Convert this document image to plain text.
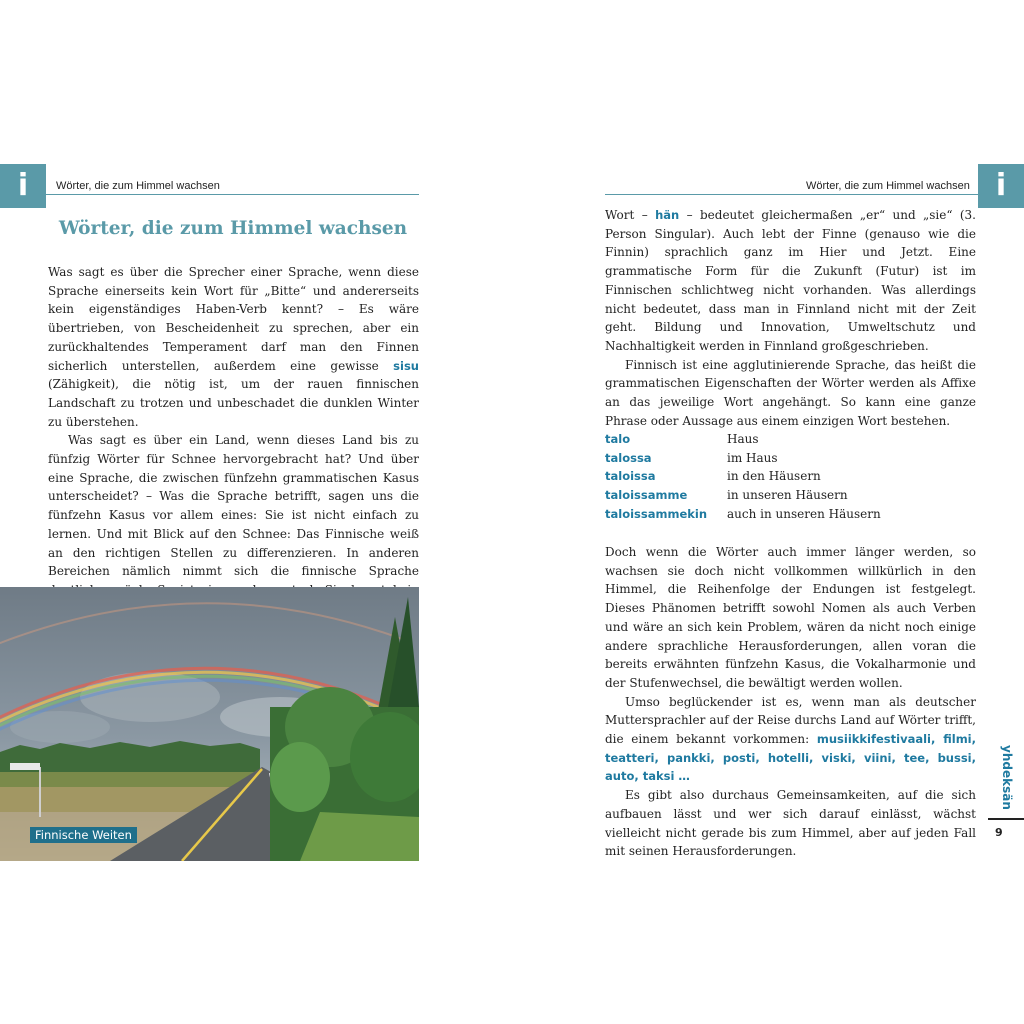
i	Wörter, die zum Himmel wachsen
Wörter, die zum Himmel wachsen

Was sagt es über die Sprecher einer Sprache, wenn diese Sprache einerseits kein Wort für „Bitte“ und andererseits kein eigenständiges Haben-Verb kennt? – Es wäre übertrieben, von Bescheidenheit zu sprechen, aber ein zurückhaltendes Temperament darf man den Finnen sicherlich unterstellen, außerdem eine gewisse sisu (Zähigkeit), die nötig ist, um der rauen finnischen Landschaft zu trotzen und unbeschadet die dunklen Winter zu überstehen.

Was sagt es über ein Land, wenn dieses Land bis zu fünfzig Wörter für Schnee hervorgebracht hat? Und über eine Sprache, die zwischen fünfzehn grammatischen Kasus unterscheidet? – Was die Sprache betrifft, sagen uns die fünfzehn Kasus vor allem eines: Sie ist nicht einfach zu lernen. Und mit Blick auf den Schnee: Das Finnische weiß an den richtigen Stellen zu differenzieren. In anderen Bereichen nämlich nimmt sich die finnische Sprache

Finnische Weiten
Wörter, die zum Himmel wachsen i

Wort – hän – bedeutet gleichermaßen „er“ und „sie“ (3. Person Singular). Auch lebt der Finne (genauso wie die Finnin) sprachlich ganz im Hier und Jetzt. Eine grammatische Form für die Zukunft (Futur) ist im Finnischen schlichtweg nicht vorhanden. Was allerdings nicht bedeutet, dass man in Finnland nicht mit der Zeit geht. Bildung und Innovation, Umweltschutz und Nachhaltigkeit werden in Finnland großgeschrieben.

Finnisch ist eine agglutinierende Sprache, das heißt die grammatischen Eigenschaften der Wörter werden als Affixe an das jeweilige Wort angehängt. So kann eine ganze Phrase oder Aussage aus einem einzigen Wort bestehen.

talo	Haus
talossa	im Haus
taloissa	in den Häusern
taloissamme	in unseren Häusern
taloissammekin	auch in unseren Häusern

Doch wenn die Wörter auch immer länger werden, so wachsen sie doch nicht vollkommen willkürlich in den Himmel, die Reihenfolge der Endungen ist festgelegt. Dieses Phänomen betrifft sowohl Nomen als auch Verben und wäre an sich kein Problem, wären da nicht noch einige andere sprachliche Herausforderungen, allen voran die bereits erwähnten fünfzehn Kasus, die Vokalharmonie und der Stufenwechsel, die bewältigt werden wollen.

Umso beglückender ist es, wenn man als deutscher Muttersprachler auf der Reise durchs Land auf Wörter trifft, die einem bekannt vorkommen: musiikkifestivaali, filmi, teatteri, pankki, posti, hotelli, viski, viini, tee, bussi, auto, taksi …

Es gibt also durchaus Gemeinsamkeiten, auf die sich aufbauen lässt und wer sich darauf einlässt, wächst vielleicht nicht gerade bis zum Himmel, aber auf jeden Fall mit seinen Herausforderungen.

yhdeksän
9
